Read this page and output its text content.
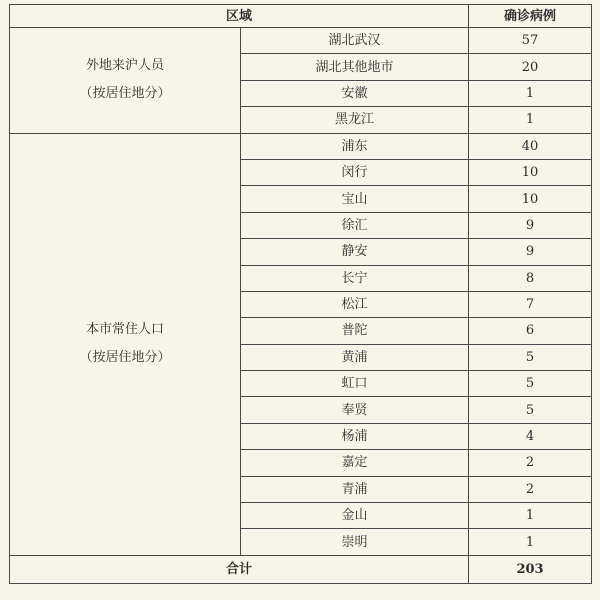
区域		确诊病例

外地来沪人员
（按居住地分）	湖北武汉	57
	湖北其他地市	20
	安徽	1
	黑龙江	1

本市常住人口
（按居住地分）	浦东	40
	闵行	10
	宝山	10
	徐汇	9
	静安	9
	长宁	8
	松江	7
	普陀	6
	黄浦	5
	虹口	5
	奉贤	5
	杨浦	4
	嘉定	2
	青浦	2
	金山	1
	崇明	1
合计		203
